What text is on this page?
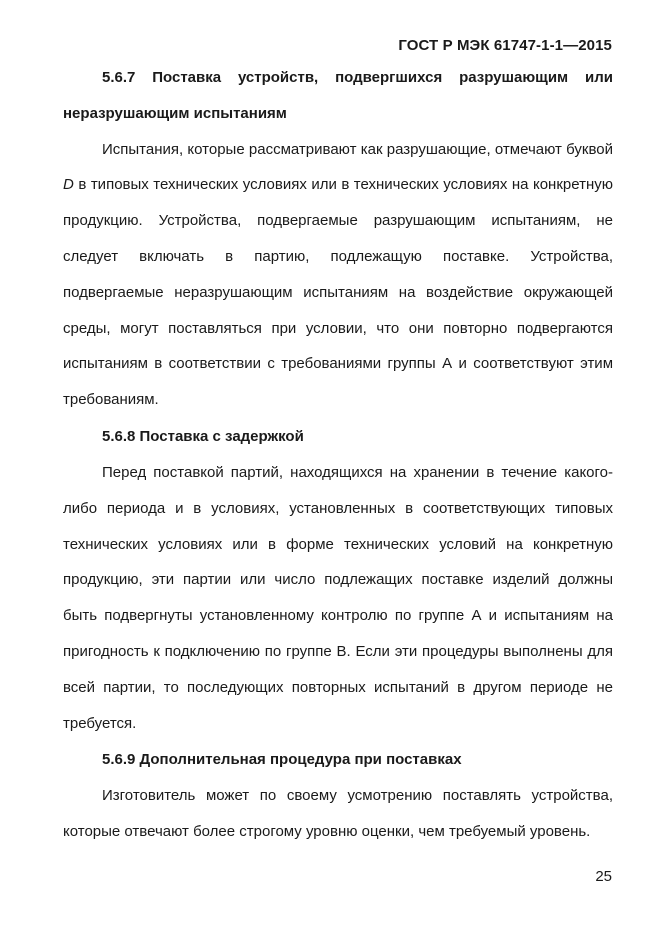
ГОСТ Р МЭК 61747-1-1—2015

5.6.7 Поставка устройств, подвергшихся разрушающим или неразрушающим испытаниям

Испытания, которые рассматривают как разрушающие, отмечают буквой D в типовых технических условиях или в технических условиях на конкретную продукцию. Устройства, подвергаемые разрушающим испытаниям, не следует включать в партию, подлежащую поставке. Устройства, подвергаемые неразрушающим испытаниям на воздействие окружающей среды, могут поставляться при условии, что они повторно подвергаются испытаниям в соответствии с требованиями группы А и соответствуют этим требованиям.

5.6.8 Поставка с задержкой

Перед поставкой партий, находящихся на хранении в течение какого-либо периода и в условиях, установленных в соответствующих типовых технических условиях или в форме технических условий на конкретную продукцию, эти партии или число подлежащих поставке изделий должны быть подвергнуты установленному контролю по группе А и испытаниям на пригодность к подключению по группе В. Если эти процедуры выполнены для всей партии, то последующих повторных испытаний в другом периоде не требуется.

5.6.9 Дополнительная процедура при поставках

Изготовитель может по своему усмотрению поставлять устройства, которые отвечают более строгому уровню оценки, чем требуемый уровень.

25
